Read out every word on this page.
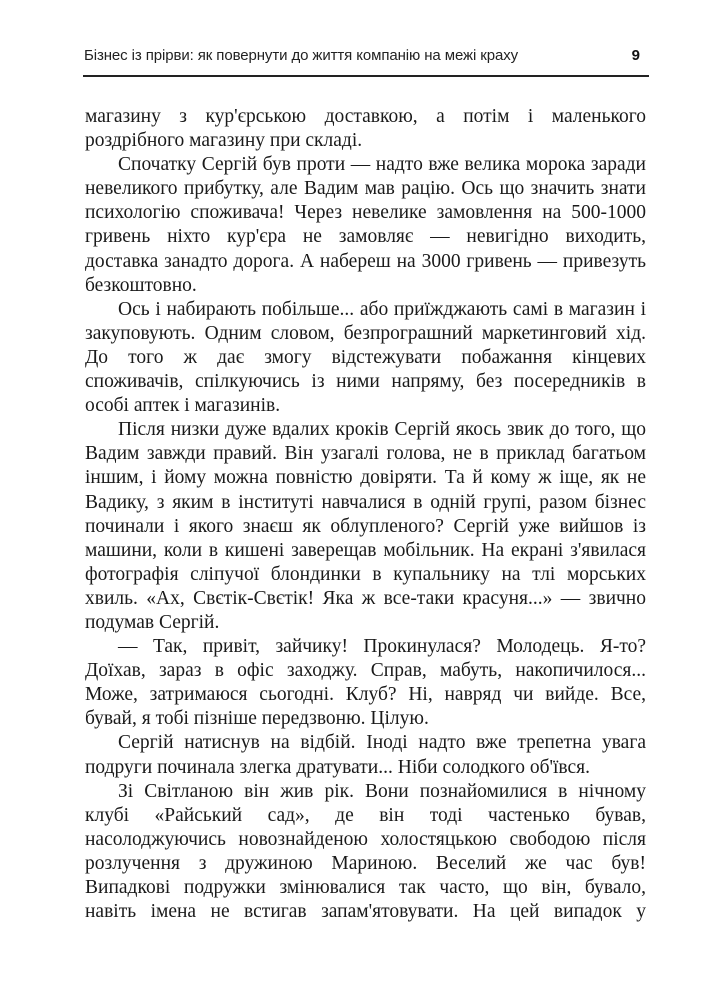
Бізнес із прірви: як повернути до життя компанію на межі краху	9
магазину з кур'єрською доставкою, а потім і маленького
роздрібного магазину при складі.
Спочатку Сергій був проти — надто вже велика морока заради
невеликого прибутку, але Вадим мав рацію. Ось що значить знати
психологію споживача! Через невелике замовлення на 500-1000
гривень ніхто кур'єра не замовляє — невигідно виходить,
доставка занадто дорога. А набереш на 3000 гривень — привезуть
безкоштовно.
Ось і набирають побільше... або приїжджають самі в магазин і
закуповують. Одним словом, безпрограшний маркетинговий хід.
До того ж дає змогу відстежувати побажання кінцевих
споживачів, спілкуючись із ними напряму, без посередників в
особі аптек і магазинів.
Після низки дуже вдалих кроків Сергій якось звик до того, що
Вадим завжди правий. Він узагалі голова, не в приклад багатьом
іншим, і йому можна повністю довіряти. Та й кому ж іще, як не
Вадику, з яким в інституті навчалися в одній групі, разом бізнес
починали і якого знаєш як облупленого? Сергій уже вийшов із
машини, коли в кишені заверещав мобільник. На екрані з'явилася
фотографія сліпучої блондинки в купальнику на тлі морських
хвиль. «Ах, Свєтік-Свєтік! Яка ж все-таки красуня...» — звично
подумав Сергій.
— Так, привіт, зайчику! Прокинулася? Молодець. Я-то?
Доїхав, зараз в офіс заходжу. Справ, мабуть, накопичилося...
Може, затримаюся сьогодні. Клуб? Ні, навряд чи вийде. Все,
бувай, я тобі пізніше передзвоню. Цілую.
Сергій натиснув на відбій. Іноді надто вже трепетна увага
подруги починала злегка дратувати... Ніби солодкого об'ївся.
Зі Світланою він жив рік. Вони познайомилися в нічному
клубі «Райський сад», де він тоді частенько бував,
насолоджуючись новознайденою холостяцькою свободою після
розлучення з дружиною Мариною. Веселий же час був!
Випадкові подружки змінювалися так часто, що він, бувало,
навіть імена не встигав запам'ятовувати. На цей випадок у
